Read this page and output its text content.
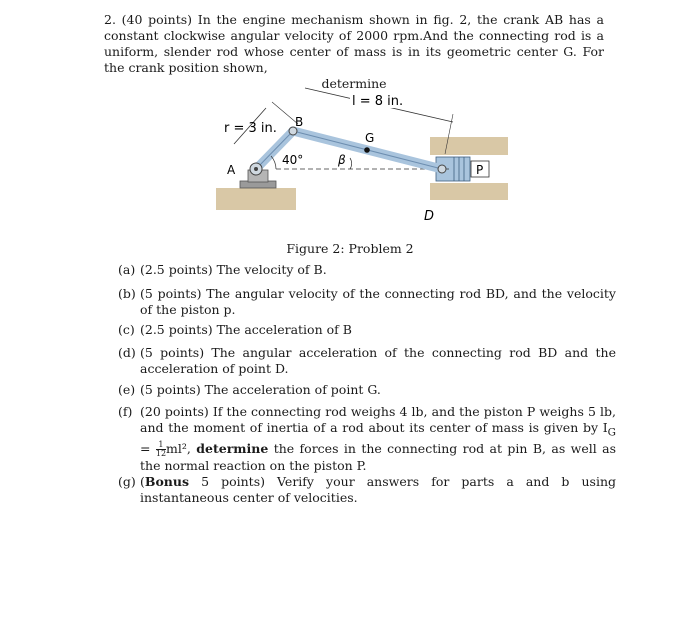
2. (40 points) In the engine mechanism shown in fig. 2, the crank AB has a constant clockwise angular velocity of 2000 rpm.And the connecting rod is a uniform, slender rod whose center of mass is in its geometric center G. For the crank position shown,
determine
P
r = 3 in.
l = 8 in.
B
G
A
40°	β
D
Figure 2: Problem 2
(a) (2.5 points) The velocity of B.
(b) (5 points) The angular velocity of the connecting rod BD, and the velocity of the piston p.
(c) (2.5 points) The acceleration of B
(d) (5 points) The angular acceleration of the connecting rod BD and the acceleration of point D.
(e) (5 points) The acceleration of point G.
(f) (20 points) If the connecting rod weighs 4 lb, and the piston P weighs 5 lb, and the moment of inertia of a rod about its center of mass is given by $I_G = \frac{1}{12} ml^2$, determine the forces in the connecting rod at pin B, as well as the normal reaction on the piston P.
(g) (Bonus 5 points) Verify your answers for parts a and b using instantaneous center of velocities.
